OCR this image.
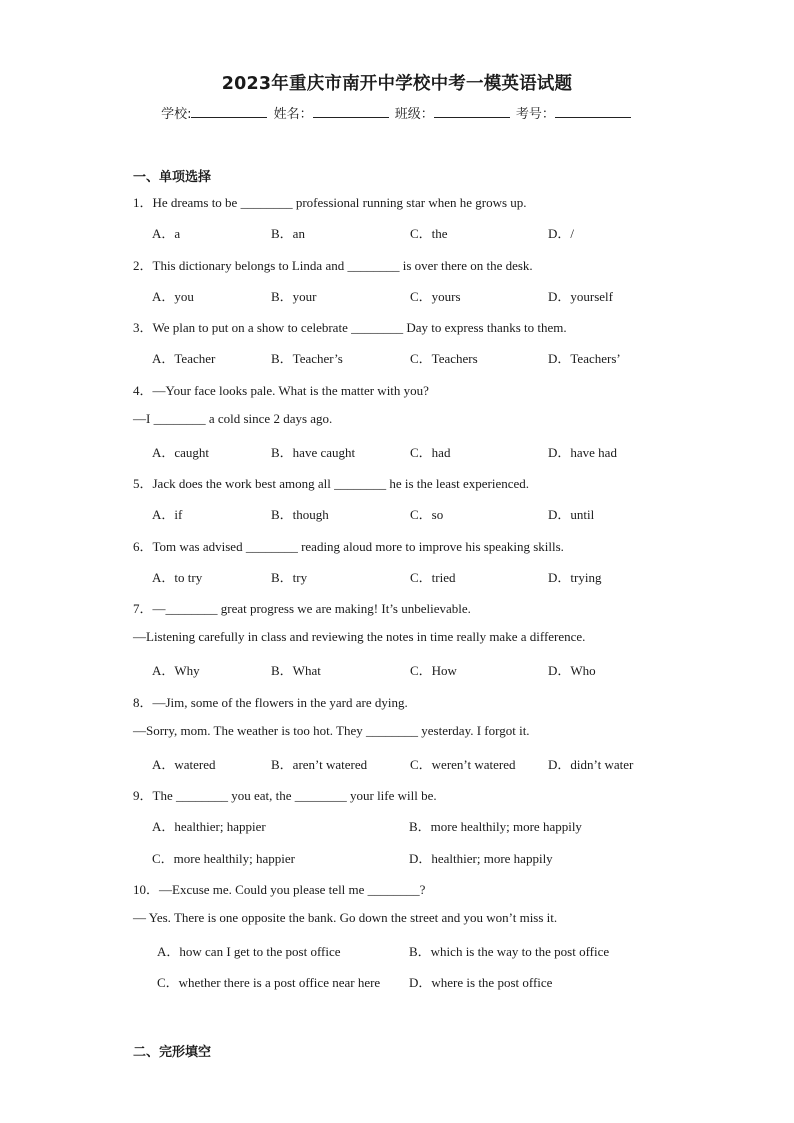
2023年重庆市南开中学校中考一模英语试题
学校:	姓名：	班级：	考号：
一、单项选择
1．He dreams to be ________ professional running star when he grows up.
A．a	B．an	C．the	D．/
2．This dictionary belongs to Linda and ________ is over there on the desk.
A．you	B．your	C．yours	D．yourself
3．We plan to put on a show to celebrate ________ Day to express thanks to them.
A．Teacher	B．Teacher’s	C．Teachers	D．Teachers’
4．—Your face looks pale. What is the matter with you?
—I ________ a cold since 2 days ago.
A．caught	B．have caught	C．had	D．have had
5．Jack does the work best among all ________ he is the least experienced.
A．if	B．though	C．so	D．until
6．Tom was advised ________ reading aloud more to improve his speaking skills.
A．to try	B．try	C．tried	D．trying
7．—________ great progress we are making! It’s unbelievable.
—Listening carefully in class and reviewing the notes in time really make a difference.
A．Why	B．What	C．How	D．Who
8．—Jim, some of the flowers in the yard are dying.
—Sorry, mom. The weather is too hot. They ________ yesterday. I forgot it.
A．watered	B．aren’t watered	C．weren’t watered D．didn’t water
9．The ________ you eat, the ________ your life will be.
A．healthier; happier	B．more healthily; more happily
C．more healthily; happier	D．healthier; more happily
10．—Excuse me. Could you please tell me ________?
— Yes. There is one opposite the bank. Go down the street and you won’t miss it.
A．how can I get to the post office	B．which is the way to the post office
C．whether there is a post office near here D．where is the post office
二、完形填空
